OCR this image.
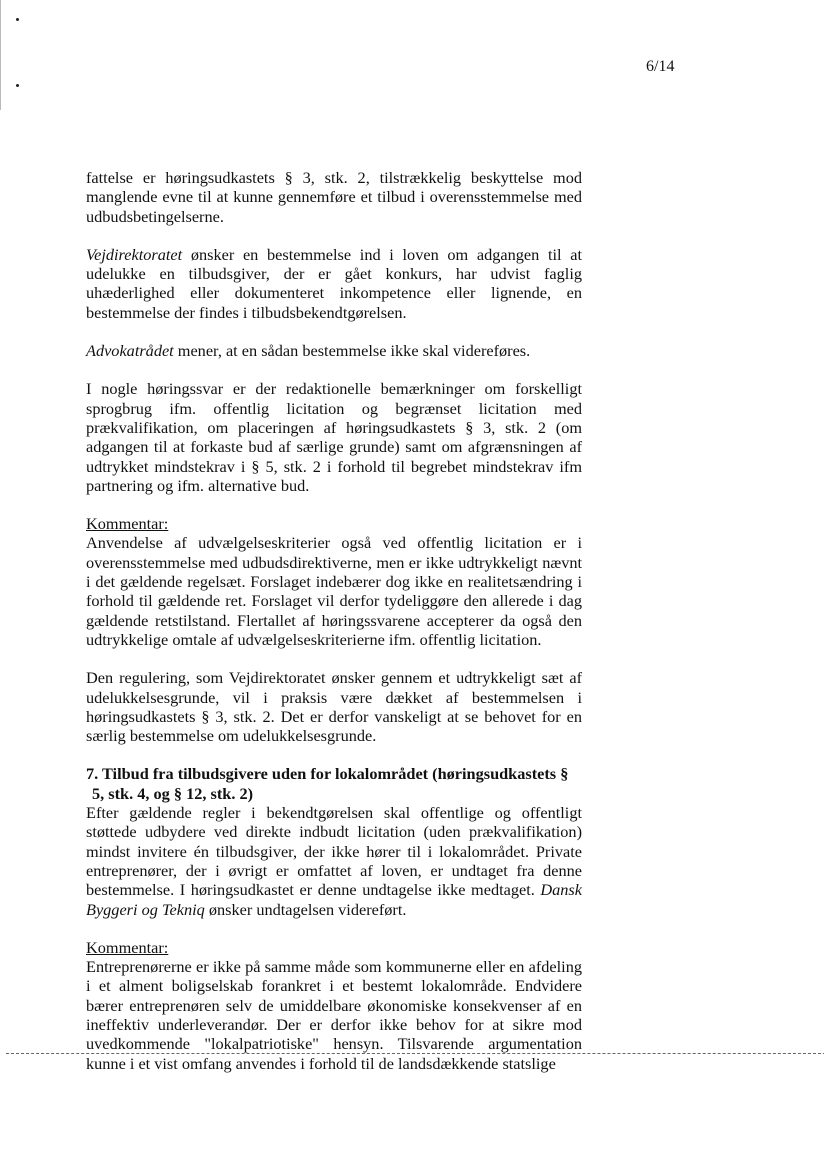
6/14

fattelse er høringsudkastets § 3, stk. 2, tilstrækkelig beskyttelse mod manglende evne til at kunne gennemføre et tilbud i overensstemmelse med udbudsbetingelserne.

Vejdirektoratet ønsker en bestemmelse ind i loven om adgangen til at udelukke en tilbudsgiver, der er gået konkurs, har udvist faglig uhæderlighed eller dokumenteret inkompetence eller lignende, en bestemmelse der findes i tilbudsbekendtgørelsen.

Advokatrådet mener, at en sådan bestemmelse ikke skal videreføres.

I nogle høringssvar er der redaktionelle bemærkninger om forskelligt sprogbrug ifm. offentlig licitation og begrænset licitation med prækvalifikation, om placeringen af høringsudkastets § 3, stk. 2 (om adgangen til at forkaste bud af særlige grunde) samt om afgrænsningen af udtrykket mindstekrav i § 5, stk. 2 i forhold til begrebet mindstekrav ifm partnering og ifm. alternative bud.

Kommentar:

Anvendelse af udvælgelseskriterier også ved offentlig licitation er i overensstemmelse med udbudsdirektiverne, men er ikke udtrykkeligt nævnt i det gældende regelsæt. Forslaget indebærer dog ikke en realitetsændring i forhold til gældende ret. Forslaget vil derfor tydeliggøre den allerede i dag gældende retstilstand. Flertallet af høringssvarene accepterer da også den udtrykkelige omtale af udvælgelseskriterierne ifm. offentlig licitation.

Den regulering, som Vejdirektoratet ønsker gennem et udtrykkeligt sæt af udelukkelsesgrunde, vil i praksis være dækket af bestemmelsen i høringsudkastets § 3, stk. 2. Det er derfor vanskeligt at se behovet for en særlig bestemmelse om udelukkelsesgrunde.

7. Tilbud fra tilbudsgivere uden for lokalområdet (høringsudkastets § 5, stk. 4, og § 12, stk. 2)

Efter gældende regler i bekendtgørelsen skal offentlige og offentligt støttede udbydere ved direkte indbudt licitation (uden prækvalifikation) mindst invitere én tilbudsgiver, der ikke hører til i lokalområdet. Private entreprenører, der i øvrigt er omfattet af loven, er undtaget fra denne bestemmelse. I høringsudkastet er denne undtagelse ikke medtaget. Dansk Byggeri og Tekniq ønsker undtagelsen videreført.

Kommentar:

Entreprenørerne er ikke på samme måde som kommunerne eller en afdeling i et alment boligselskab forankret i et bestemt lokalområde. Endvidere bærer entreprenøren selv de umiddelbare økonomiske konsekvenser af en ineffektiv underleverandør. Der er derfor ikke behov for at sikre mod uvedkommende "lokalpatriotiske" hensyn. Tilsvarende argumentation kunne i et vist omfang anvendes i forhold til de landsdækkende statslige
